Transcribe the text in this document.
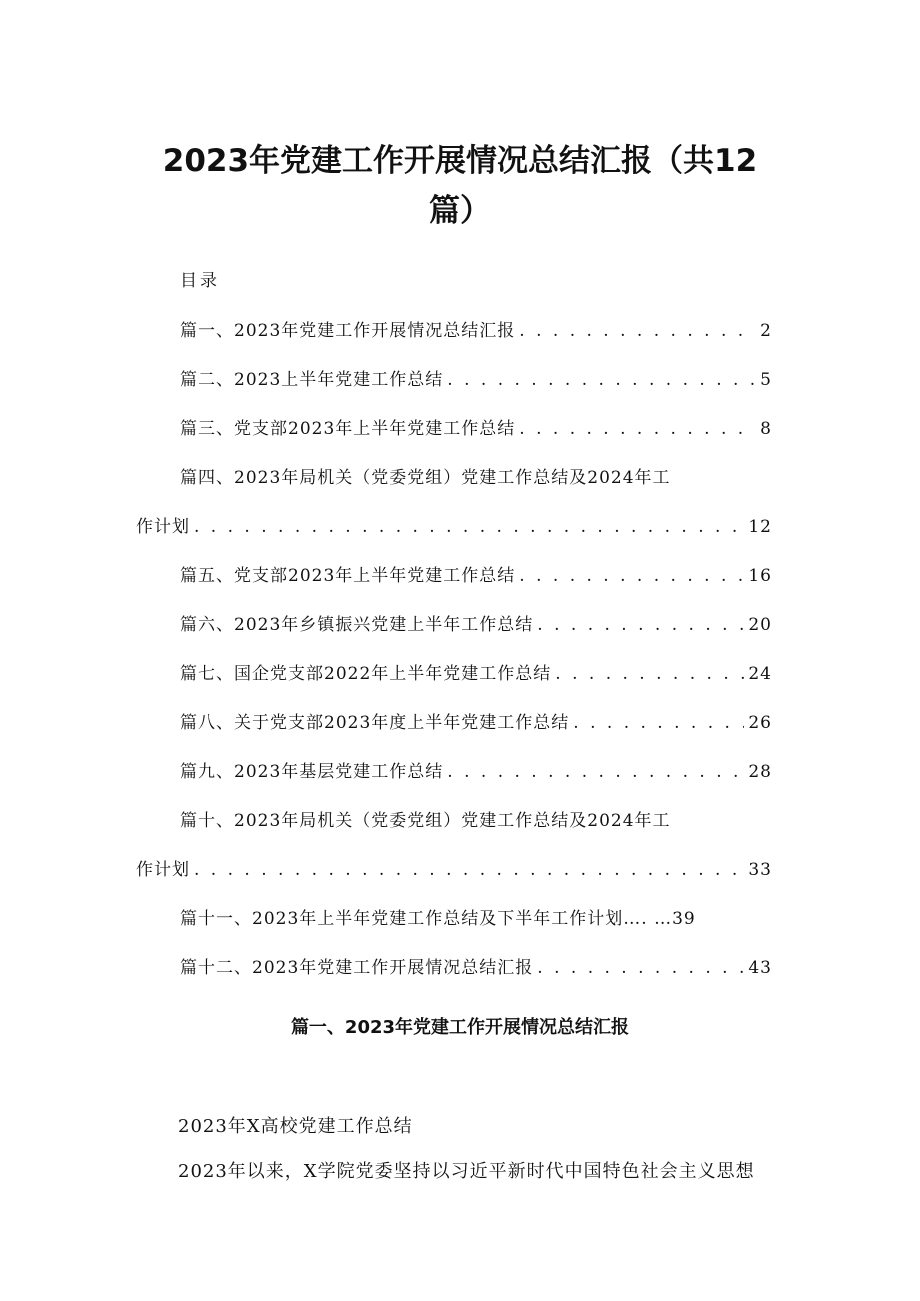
2023年党建工作开展情况总结汇报（共12
篇）
目录
篇一、2023年党建工作开展情况总结汇报 . . .	2
篇二、2023上半年党建工作总结 . . .	5
篇三、党支部2023年上半年党建工作总结 . . .	8
篇四、2023年局机关（党委党组）党建工作总结及2024年工
作计划 . . .	12
篇五、党支部2023年上半年党建工作总结 . . .	16
篇六、2023年乡镇振兴党建上半年工作总结 . . .	20
篇七、国企党支部2022年上半年党建工作总结 . . .	24
篇八、关于党支部2023年度上半年党建工作总结 . . .	26
篇九、2023年基层党建工作总结 . . .	28
篇十、2023年局机关（党委党组）党建工作总结及2024年工
作计划 . . .	33
篇十一、2023年上半年党建工作总结及下半年工作计划…. … 39
篇十二、2023年党建工作开展情况总结汇报 . . .	43
篇一、2023年党建工作开展情况总结汇报
2023年X高校党建工作总结
2023年以来，X学院党委坚持以习近平新时代中国特色社会主义思想
